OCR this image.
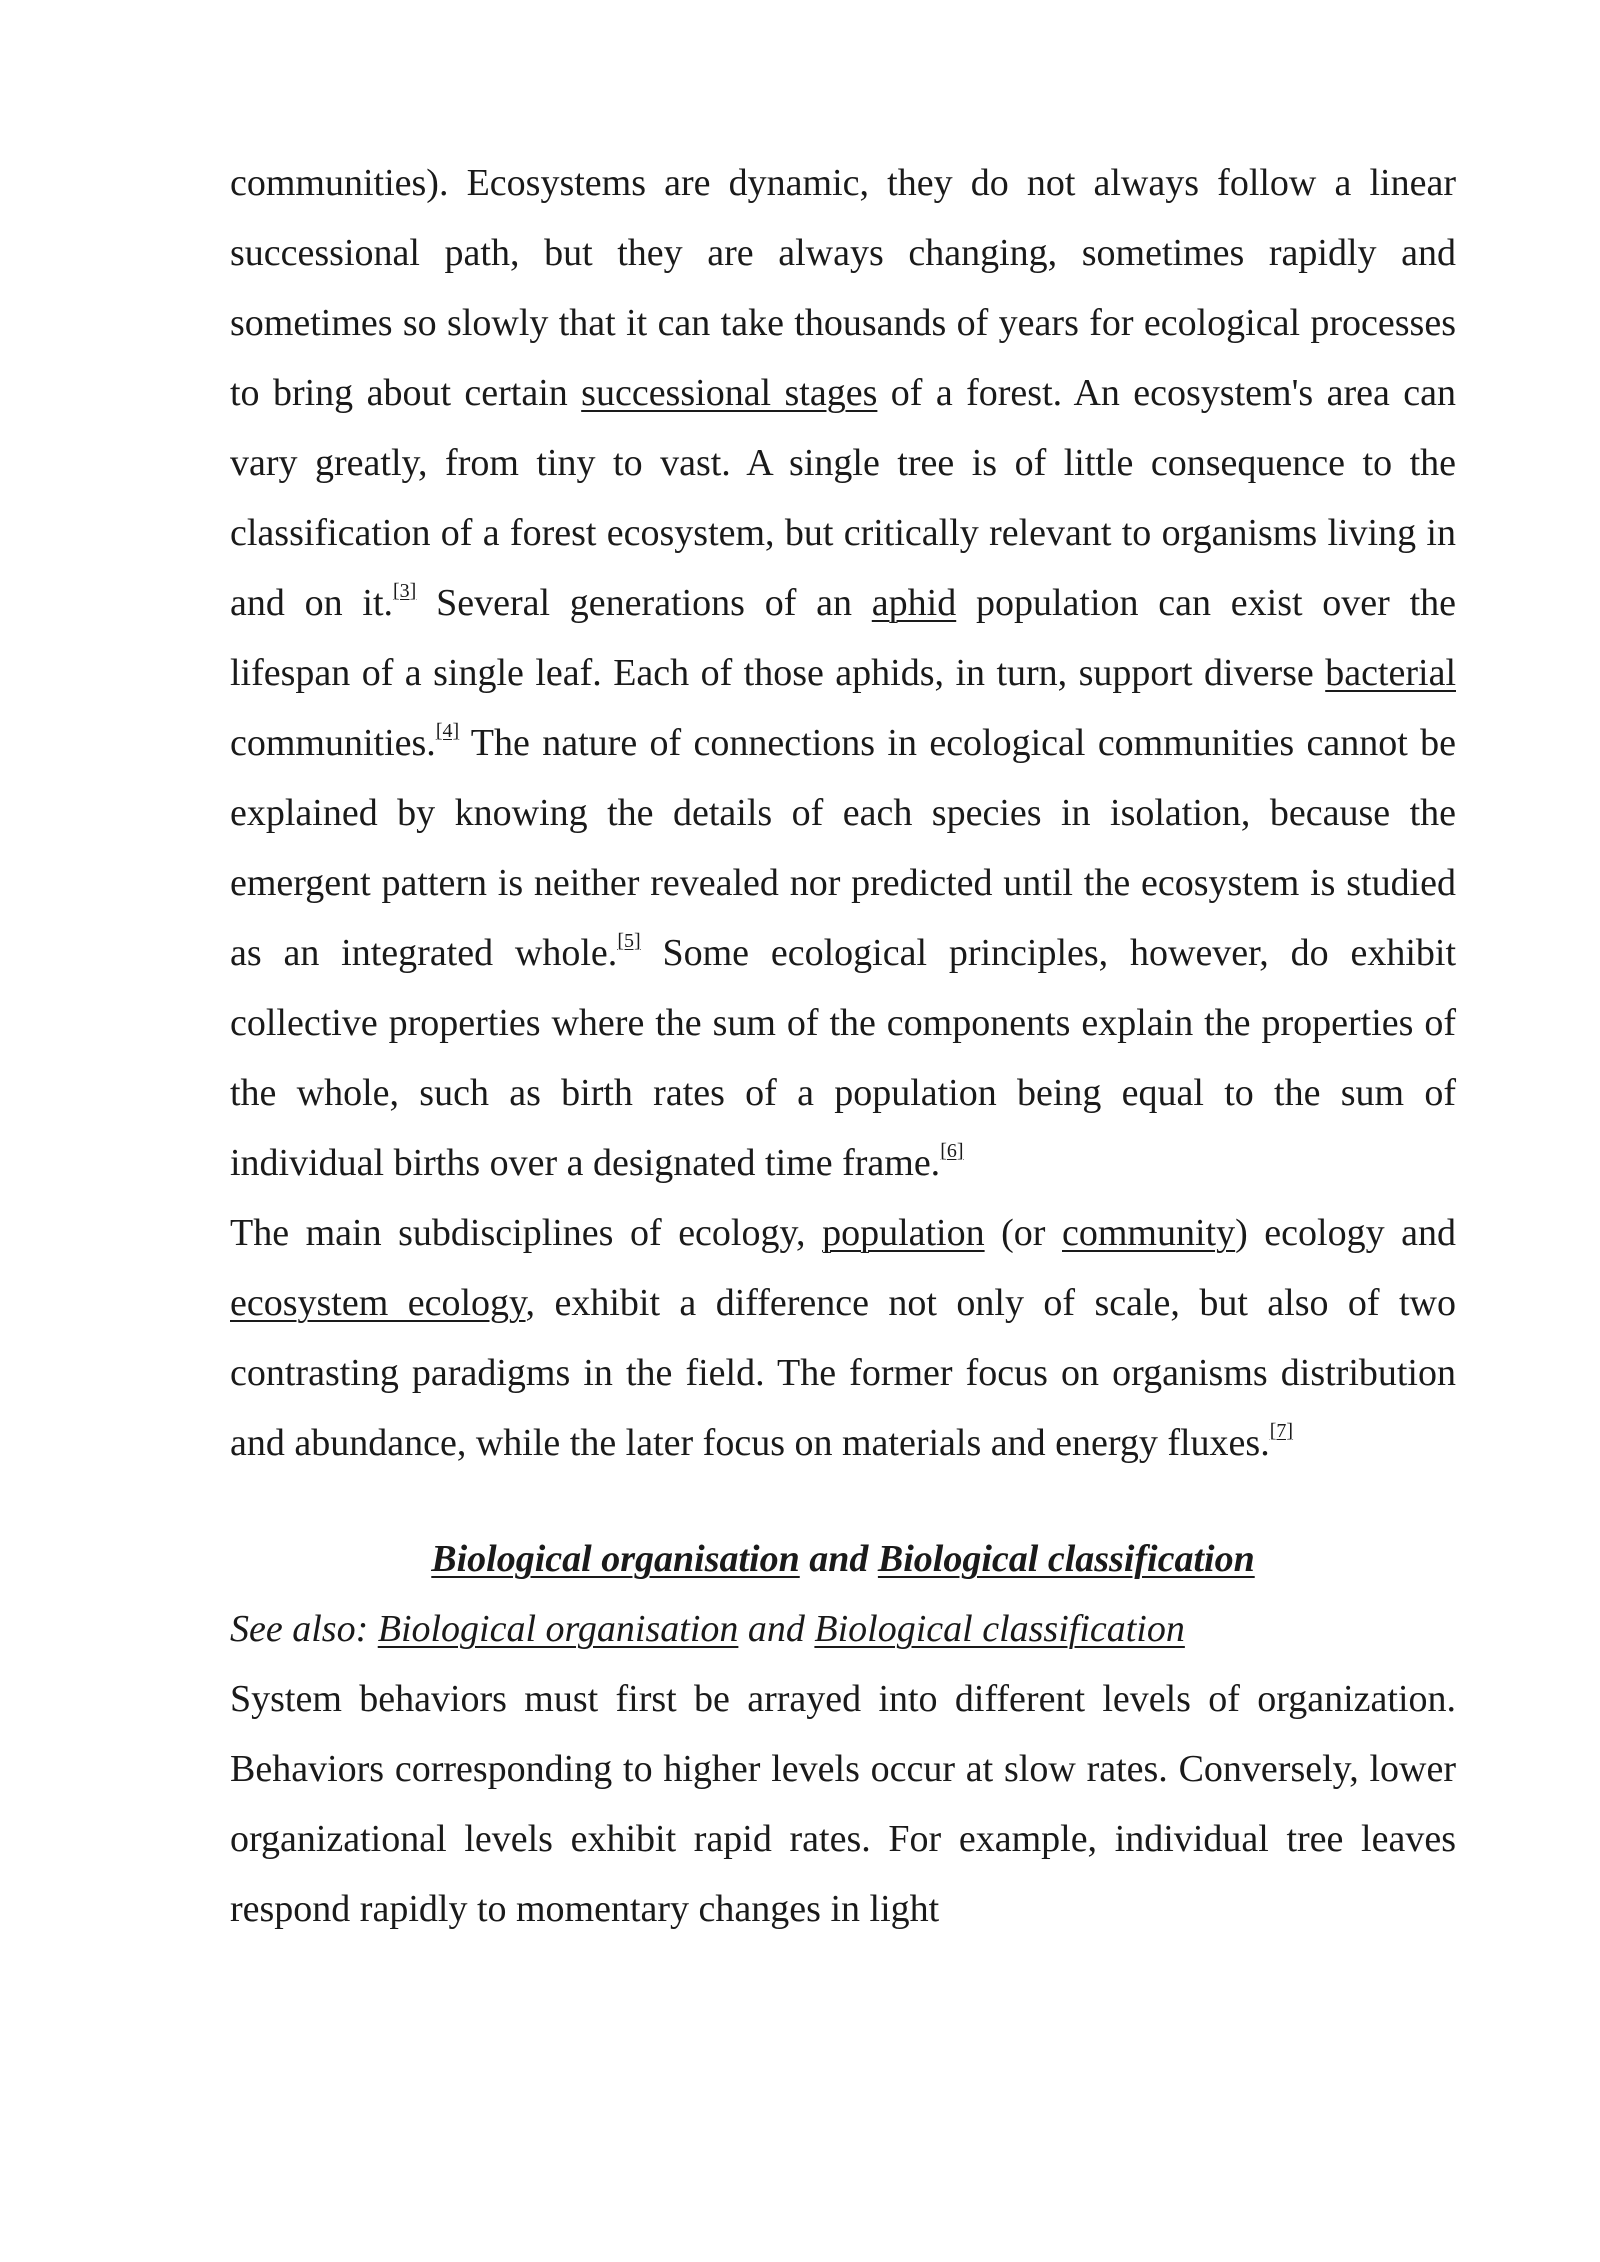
communities). Ecosystems are dynamic, they do not always follow a linear successional path, but they are always changing, sometimes rapidly and sometimes so slowly that it can take thousands of years for ecological processes to bring about certain successional stages of a forest. An ecosystem's area can vary greatly, from tiny to vast. A single tree is of little consequence to the classification of a forest ecosystem, but critically relevant to organisms living in and on it.[3] Several generations of an aphid population can exist over the lifespan of a single leaf. Each of those aphids, in turn, support diverse bacterial communities.[4] The nature of connections in ecological communities cannot be explained by knowing the details of each species in isolation, because the emergent pattern is neither revealed nor predicted until the ecosystem is studied as an integrated whole.[5] Some ecological principles, however, do exhibit collective properties where the sum of the components explain the properties of the whole, such as birth rates of a population being equal to the sum of individual births over a designated time frame.[6]

The main subdisciplines of ecology, population (or community) ecology and ecosystem ecology, exhibit a difference not only of scale, but also of two contrasting paradigms in the field. The former focus on organisms distribution and abundance, while the later focus on materials and energy fluxes.[7]

Biological organisation and Biological classification

See also: Biological organisation and Biological classification

System behaviors must first be arrayed into different levels of organization. Behaviors corresponding to higher levels occur at slow rates. Conversely, lower organizational levels exhibit rapid rates. For example, individual tree leaves respond rapidly to momentary changes in light
